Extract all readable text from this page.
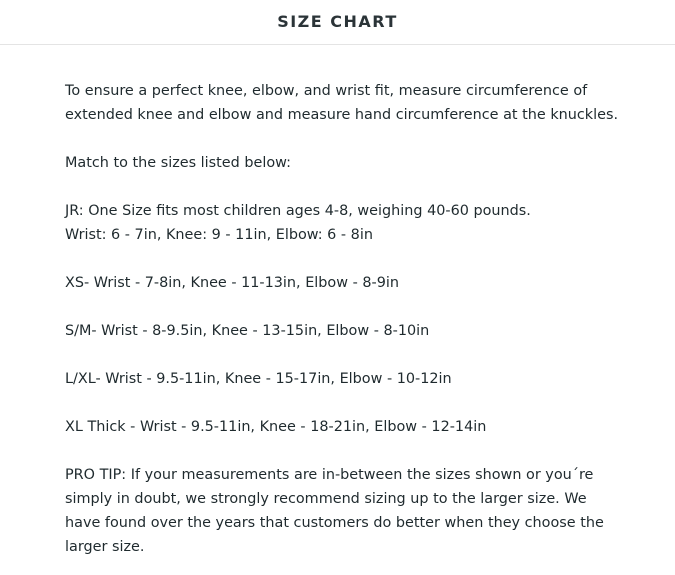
SIZE CHART

To ensure a perfect knee, elbow, and wrist fit, measure circumference of extended knee and elbow and measure hand circumference at the knuckles.

Match to the sizes listed below:

JR: One Size fits most children ages 4-8, weighing 40-60 pounds.

Wrist: 6 - 7in, Knee: 9 - 11in, Elbow: 6 - 8in

XS- Wrist - 7-8in, Knee - 11-13in, Elbow - 8-9in

S/M- Wrist - 8-9.5in, Knee - 13-15in, Elbow - 8-10in

L/XL- Wrist - 9.5-11in, Knee - 15-17in, Elbow - 10-12in

XL Thick - Wrist - 9.5-11in, Knee - 18-21in, Elbow - 12-14in

PRO TIP: If your measurements are in-between the sizes shown or you´re simply in doubt, we strongly recommend sizing up to the larger size. We have found over the years that customers do better when they choose the larger size.
